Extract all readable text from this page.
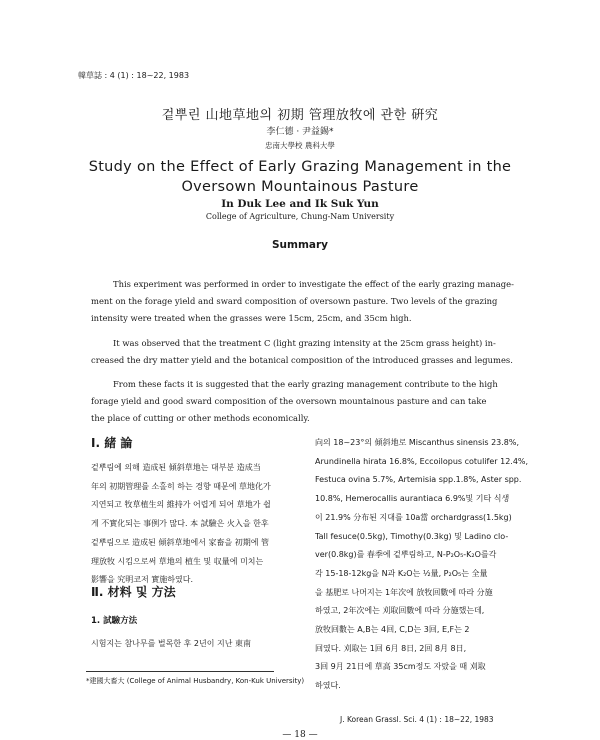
韓草誌 : 4 (1) : 18~22, 1983
겉뿌린 山地草地의 初期 管理放牧에 관한 硏究
李仁德 · 尹益錫*
忠南大學校 農科大學
Study on the Effect of Early Grazing Management in the
Oversown Mountainous Pasture
In Duk Lee and Ik Suk Yun
College of Agriculture, Chung-Nam University
Summary
This experiment was performed in order to investigate the effect of the early grazing manage-
ment on the forage yield and sward composition of oversown pasture. Two levels of the grazing
intensity were treated when the grasses were 15cm, 25cm, and 35cm high.
It was observed that the treatment C (light grazing intensity at the 25cm grass height) in-
creased the dry matter yield and the botanical composition of the introduced grasses and legumes.
From these facts it is suggested that the early grazing management contribute to the high
forage yield and good sward composition of the oversown mountainous pasture and can take
the place of cutting or other methods economically.
Ⅰ. 緒 論
겉뿌림에 의해 造成된 傾斜草地는 대부분 造成当
年의 初期管理를 소홀히 하는 경향 때문에 草地化가
지연되고 牧草植生의 維持가 어렵게 되어 草地가 쉽
게 不實化되는 事例가 많다. 本 試驗은 火入을 한후
겉뿌림으로 造成된 傾斜草地에서 家畜을 初期에 管
理放牧 시킴으로써 草地의 植生 및 収量에 미치는
影響을 究明코저 實施하였다.
Ⅱ. 材料 및 方法
1. 試驗方法
시험지는 참나무를 벌목한 후 2년이 지난 東南
向의 18~23°의 傾斜地로 Miscanthus sinensis 23.8%,
Arundinella hirata 16.8%, Eccoilopus cotulifer 12.4%,
Festuca ovina 5.7%, Artemisia spp.1.8%, Aster spp.
10.8%, Hemerocallis aurantiaca 6.9%및 기타 식생
이 21.9% 分布된 지대를 10a當 orchardgrass(1.5kg)
Tall fesuce(0.5kg), Timothy(0.3kg) 및 Ladino clo-
ver(0.8kg)를 春季에 겉뿌림하고, N-P₂O₅-K₂O를각
각 15-18-12kg을 N과 K₂O는 ½量, P₂O₅는 全量
을 基肥로 나머지는 1年次에 放牧回數에 따라 分施
하였고, 2年次에는 刈取回數에 따라 分施했는데,
放牧回數는 A,B는 4回, C,D는 3回, E,F는 2
回였다. 刈取는 1回 6月 8日, 2回 8月 8日,
3回 9月 21日에 草高 35cm정도 자랐을 때 刈取
하였다.
*建國大畜大 (College of Animal Husbandry, Kon-Kuk University)
J. Korean Grassl. Sci. 4 (1) : 18~22, 1983
— 18 —
